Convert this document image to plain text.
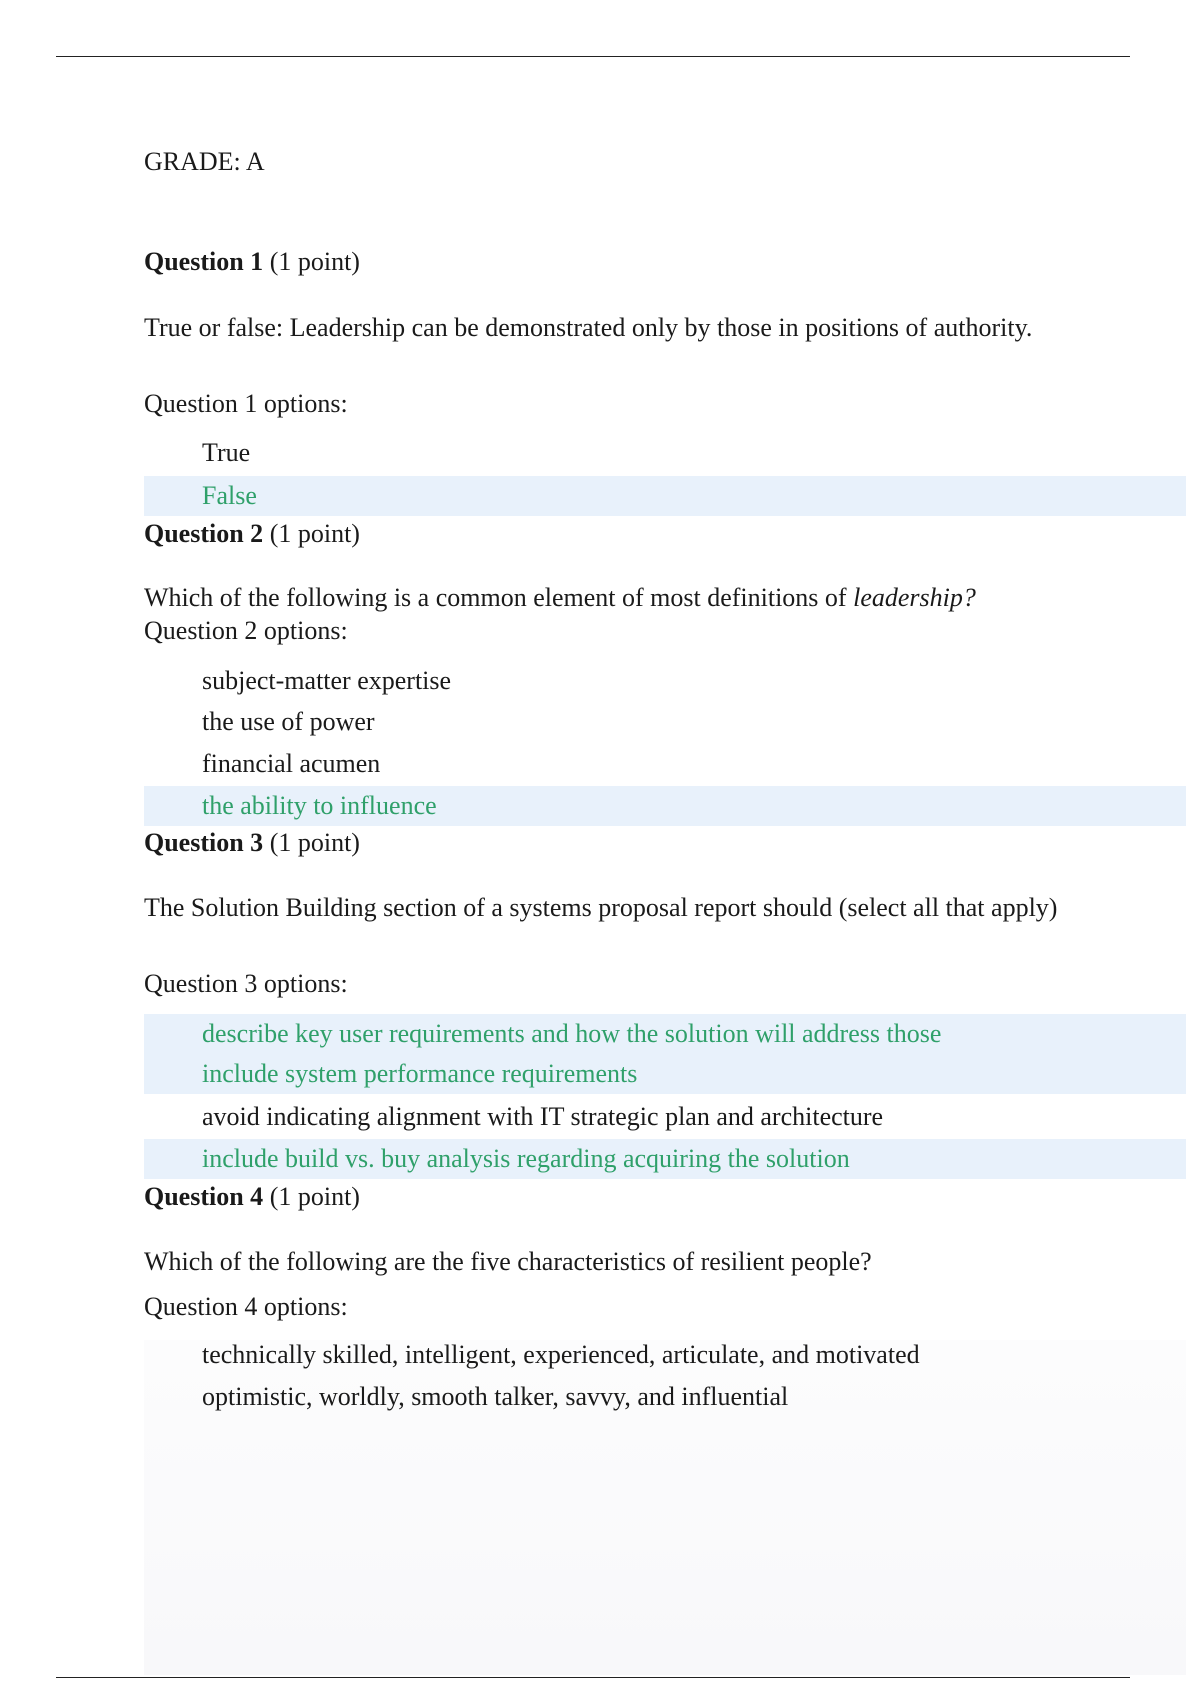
GRADE: A
Question 1 (1 point)
True or false: Leadership can be demonstrated only by those in positions of authority.
Question 1 options:
True
False
Question 2 (1 point)
Which of the following is a common element of most definitions of leadership?
Question 2 options:
subject-matter expertise
the use of power
financial acumen
the ability to influence
Question 3 (1 point)
The Solution Building section of a systems proposal report should (select all that apply)
Question 3 options:
describe key user requirements and how the solution will address those
include system performance requirements
avoid indicating alignment with IT strategic plan and architecture
include build vs. buy analysis regarding acquiring the solution
Question 4 (1 point)
Which of the following are the five characteristics of resilient people?
Question 4 options:
technically skilled, intelligent, experienced, articulate, and motivated
optimistic, worldly, smooth talker, savvy, and influential
